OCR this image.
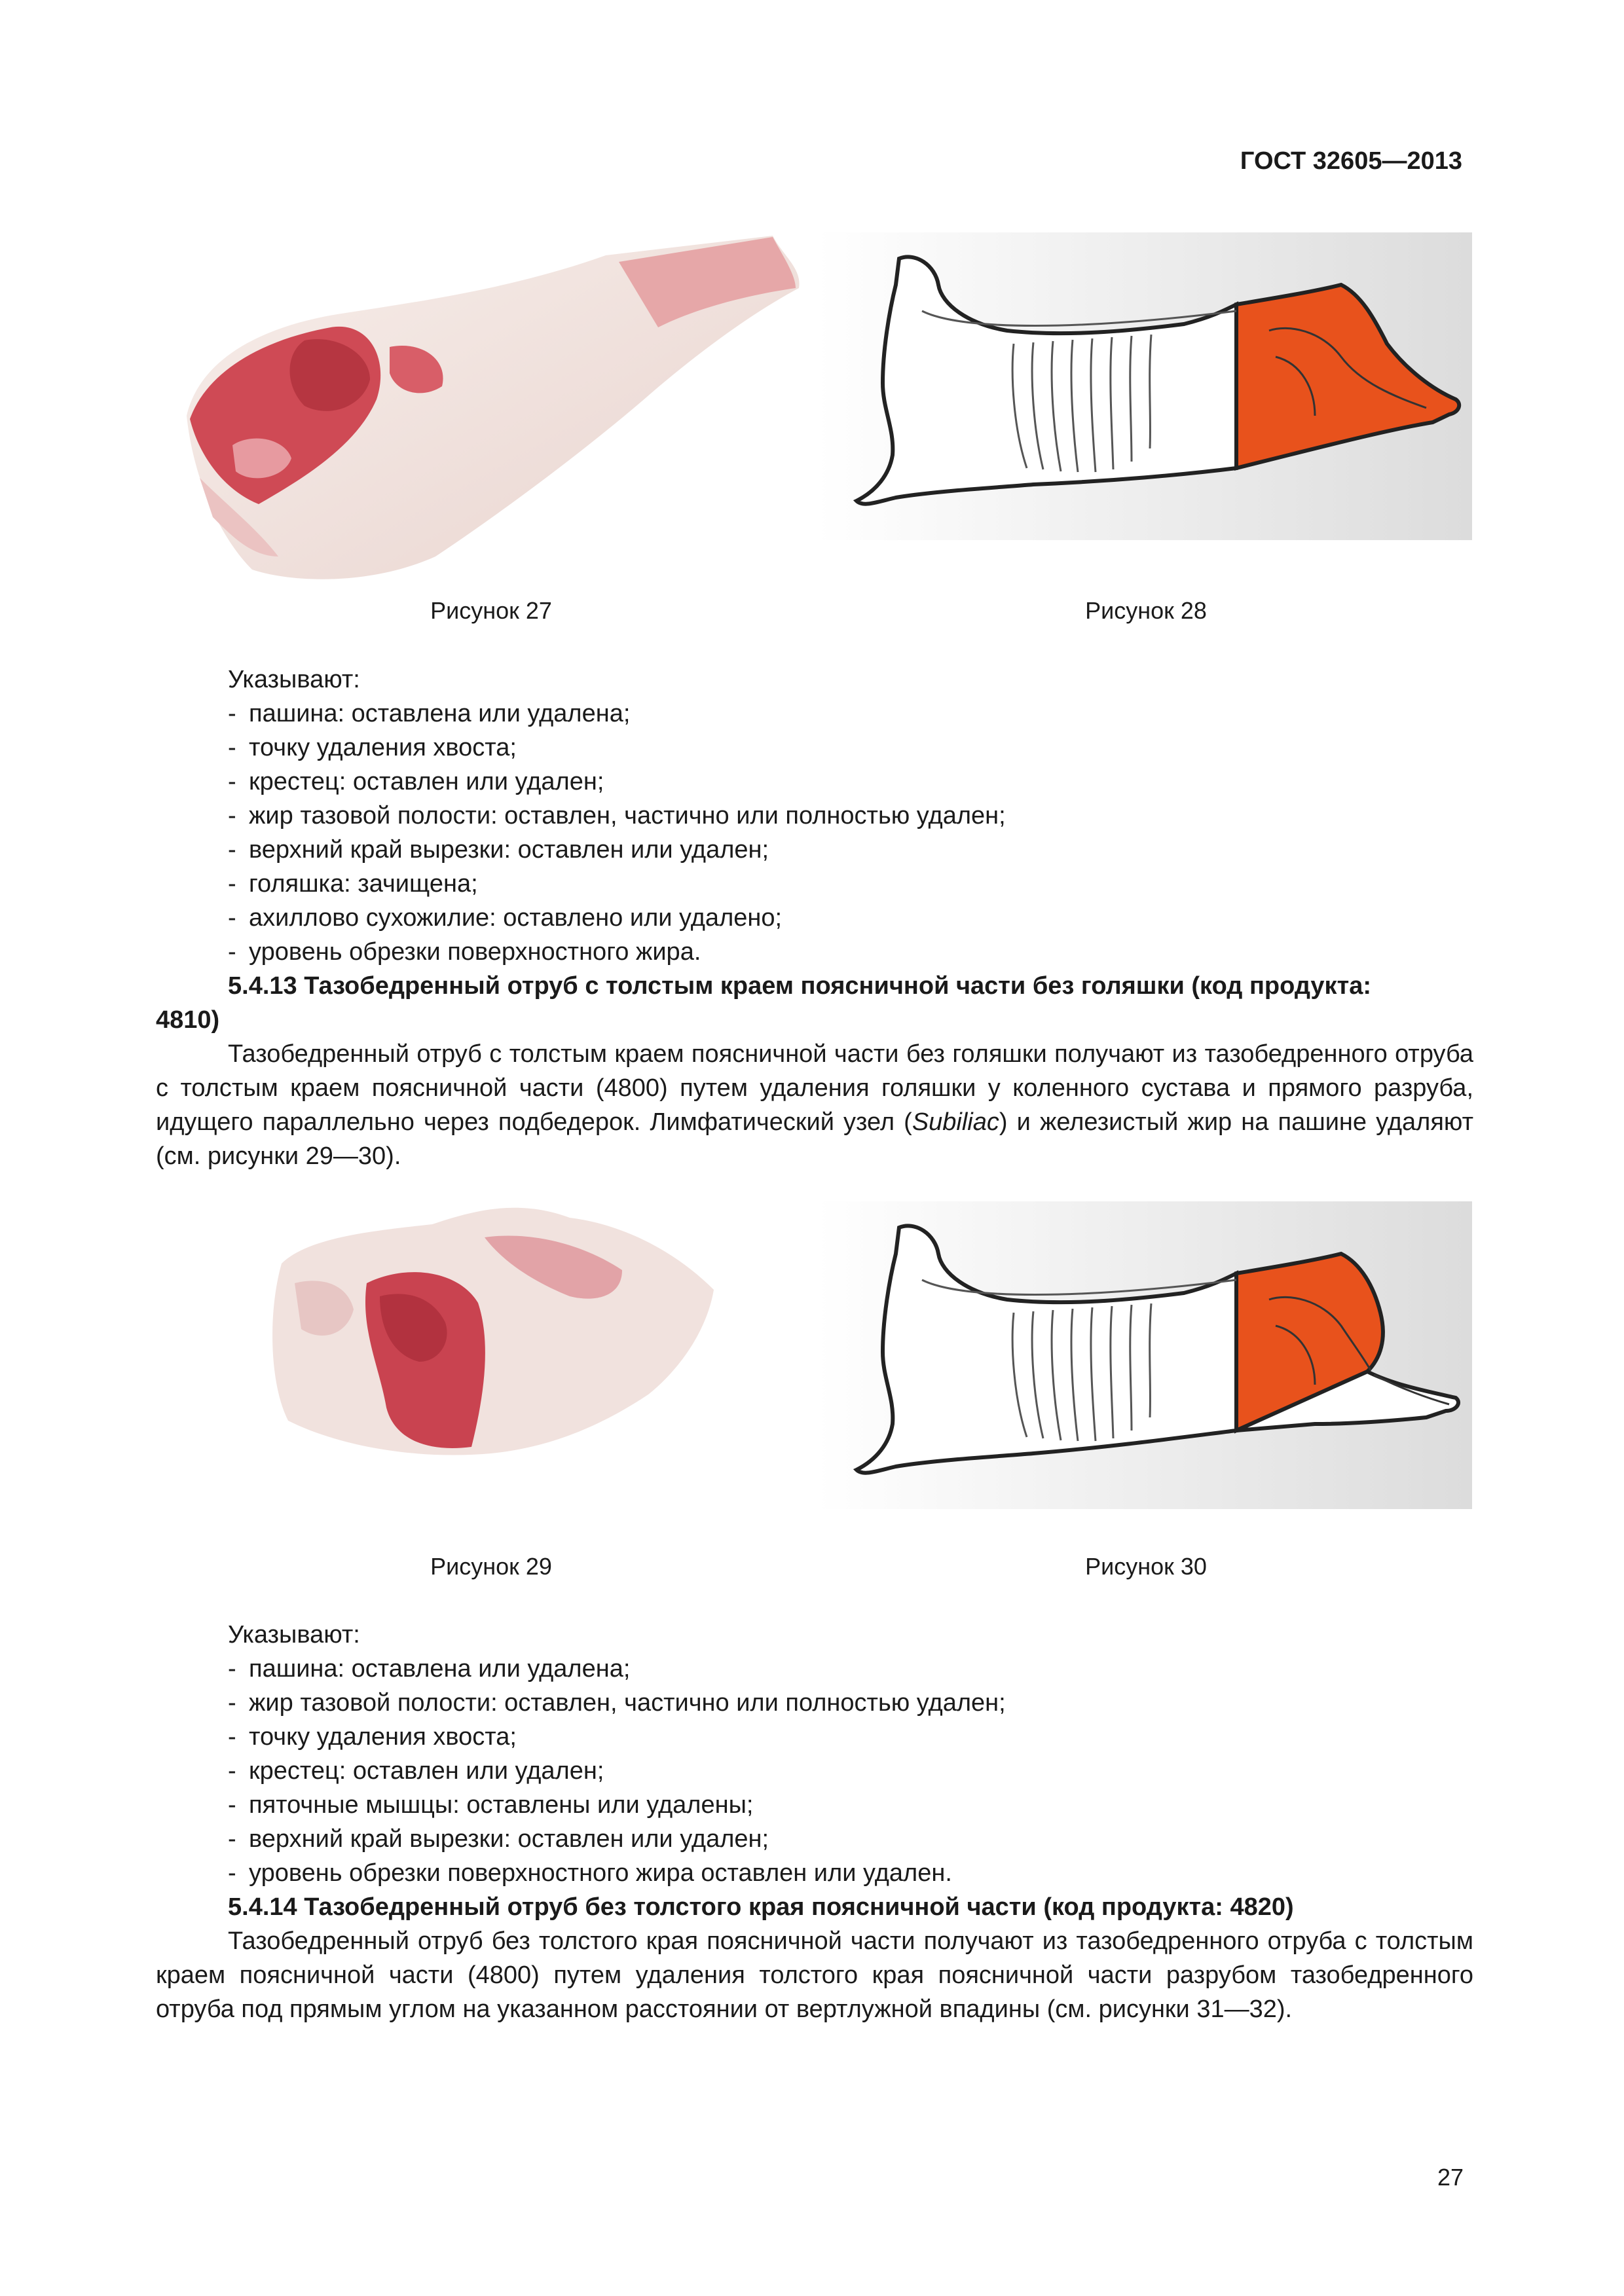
ГОСТ 32605—2013
Рисунок 27	Рисунок 28
Указывают:
- пашина: оставлена или удалена;
- точку удаления хвоста;
- крестец: оставлен или удален;
- жир тазовой полости: оставлен, частично или полностью удален;
- верхний край вырезки: оставлен или удален;
- голяшка: зачищена;
- ахиллово сухожилие: оставлено или удалено;
- уровень обрезки поверхностного жира.
5.4.13 Тазобедренный отруб с толстым краем поясничной части без голяшки (код продукта:
4810)
Тазобедренный отруб с толстым краем поясничной части без голяшки получают из тазобедренного отруба с толстым краем поясничной части (4800) путем удаления голяшки у коленного сустава и прямого разруба, идущего параллельно через подбедерок. Лимфатический узел (Subiliac) и железистый жир на пашине удаляют (см. рисунки 29—30).
Рисунок 29	Рисунок 30
Указывают:
- пашина: оставлена или удалена;
- жир тазовой полости: оставлен, частично или полностью удален;
- точку удаления хвоста;
- крестец: оставлен или удален;
- пяточные мышцы: оставлены или удалены;
- верхний край вырезки: оставлен или удален;
- уровень обрезки поверхностного жира оставлен или удален.
5.4.14 Тазобедренный отруб без толстого края поясничной части (код продукта: 4820)
Тазобедренный отруб без толстого края поясничной части получают из тазобедренного отруба с толстым краем поясничной части (4800) путем удаления толстого края поясничной части разрубом тазобедренного отруба под прямым углом на указанном расстоянии от вертлужной впадины (см. рисунки 31—32).
27
